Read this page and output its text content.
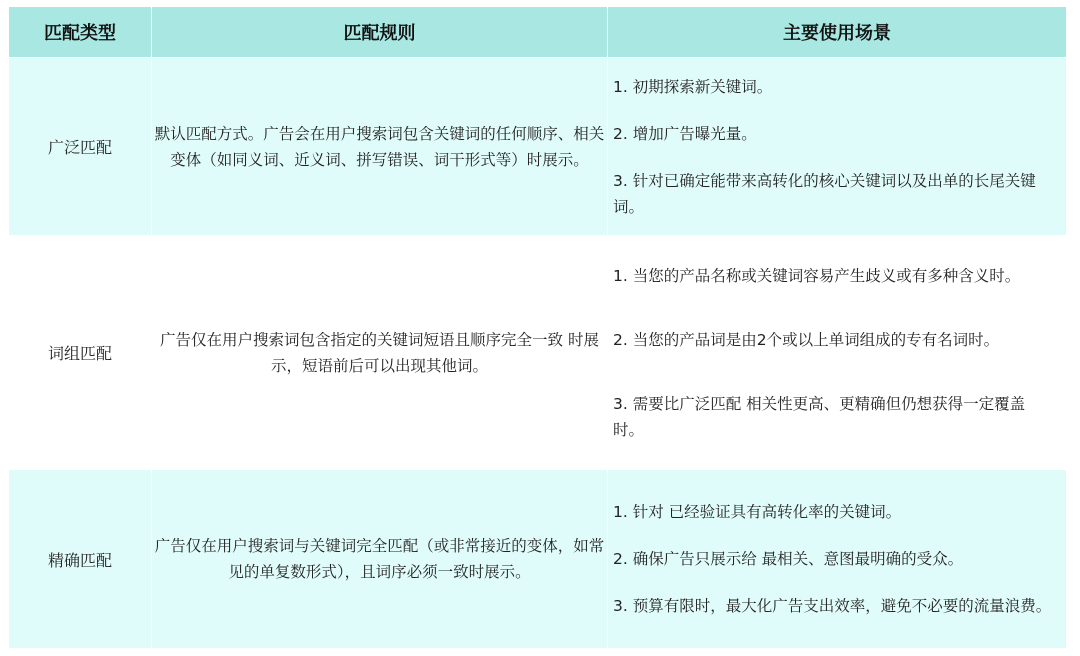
匹配类型	匹配规则	主要使用场景
广泛匹配	默认匹配方式。广告会在用户搜索词包含关键词的任何顺序、相关变体（如同义词、近义词、拼写错误、词干形式等）时展示。	1. 初期探索新关键词。
2. 增加广告曝光量。
3. 针对已确定能带来高转化的核心关键词以及出单的长尾关键词。

词组匹配	广告仅在用户搜索词包含指定的关键词短语且顺序完全一致 时展示，短语前后可以出现其他词。	1. 当您的产品名称或关键词容易产生歧义或有多种含义时。
2. 当您的产品词是由2个或以上单词组成的专有名词时。
3. 需要比广泛匹配 相关性更高、更精确但仍想获得一定覆盖时。

精确匹配	广告仅在用户搜索词与关键词完全匹配（或非常接近的变体，如常见的单复数形式），且词序必须一致时展示。	1. 针对 已经验证具有高转化率的关键词。
2. 确保广告只展示给 最相关、意图最明确的受众。
3. 预算有限时，最大化广告支出效率，避免不必要的流量浪费。
